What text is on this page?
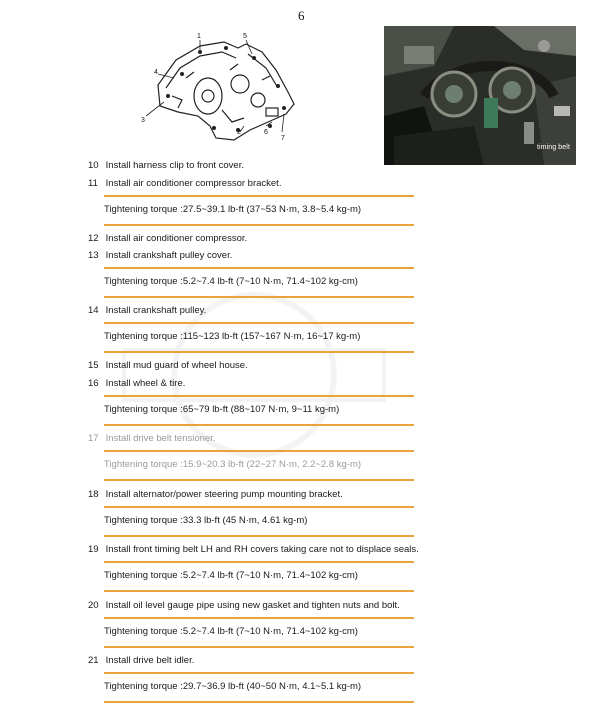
6
1
2
3
4
5
6
7
timing belt
10 Install harness clip to front cover.
11 Install air conditioner compressor bracket.
Tightening torque :27.5~39.1 lb-ft (37~53 N·m, 3.8~5.4 kg-m)
12 Install air conditioner compressor.
13 Install crankshaft pulley cover.
Tightening torque :5.2~7.4 lb-ft (7~10 N·m, 71.4~102 kg-cm)
14 Install crankshaft pulley.
Tightening torque :115~123 lb-ft (157~167 N·m, 16~17 kg-m)
15 Install mud guard of wheel house.
16 Install wheel & tire.
Tightening torque :65~79 lb-ft (88~107 N·m, 9~11 kg-m)
17 Install drive belt tensioner.
Tightening torque :15.9~20.3 lb-ft (22~27 N·m, 2.2~2.8 kg-m)
18 Install alternator/power steering pump mounting bracket.
Tightening torque :33.3 lb-ft (45 N·m, 4.61 kg-m)
19 Install front timing belt LH and RH covers taking care not to displace seals.
Tightening torque :5.2~7.4 lb-ft (7~10 N·m, 71.4~102 kg-cm)
20 Install oil level gauge pipe using new gasket and tighten nuts and bolt.
Tightening torque :5.2~7.4 lb-ft (7~10 N·m, 71.4~102 kg-cm)
21 Install drive belt idler.
Tightening torque :29.7~36.9 lb-ft (40~50 N·m, 4.1~5.1 kg-m)
